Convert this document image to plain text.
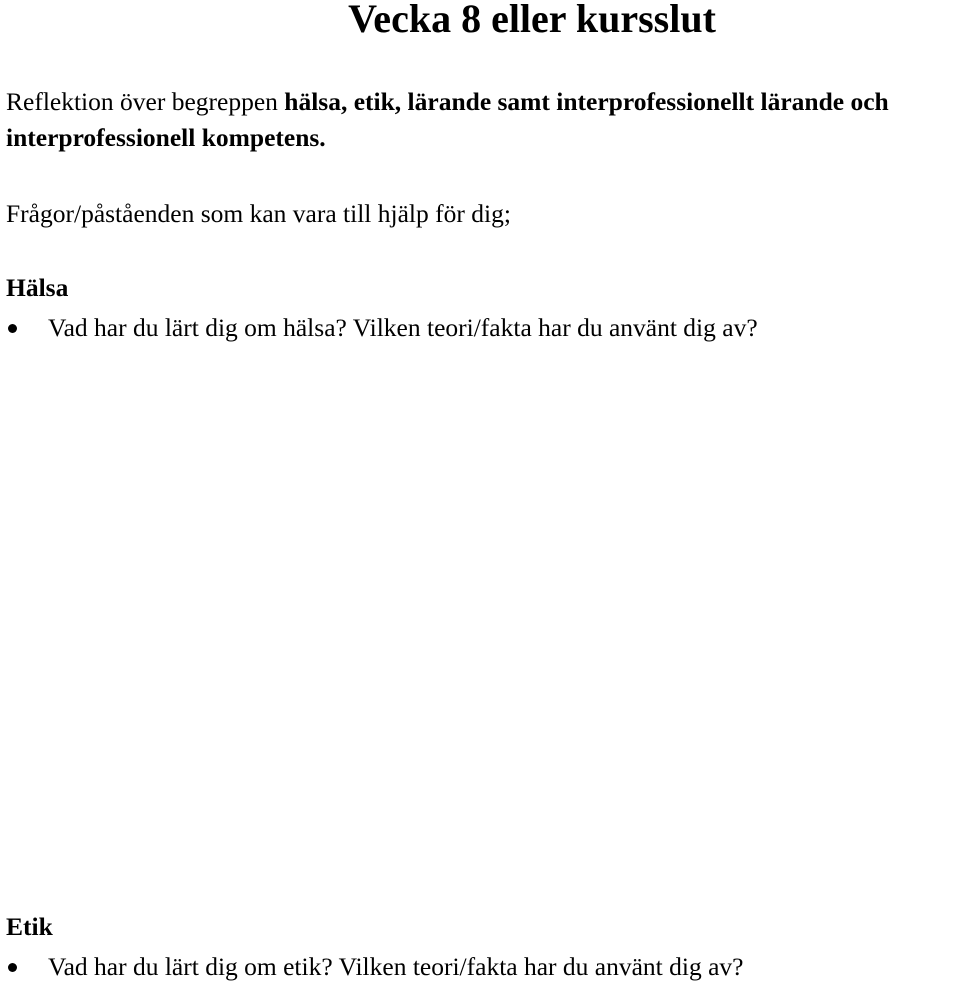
Vecka 8 eller kursslut

Reflektion över begreppen hälsa, etik, lärande samt interprofessionellt lärande och interprofessionell kompetens.

Frågor/påståenden som kan vara till hjälp för dig;

Hälsa

Vad har du lärt dig om hälsa? Vilken teori/fakta har du använt dig av?

Etik

Vad har du lärt dig om etik? Vilken teori/fakta har du använt dig av?
